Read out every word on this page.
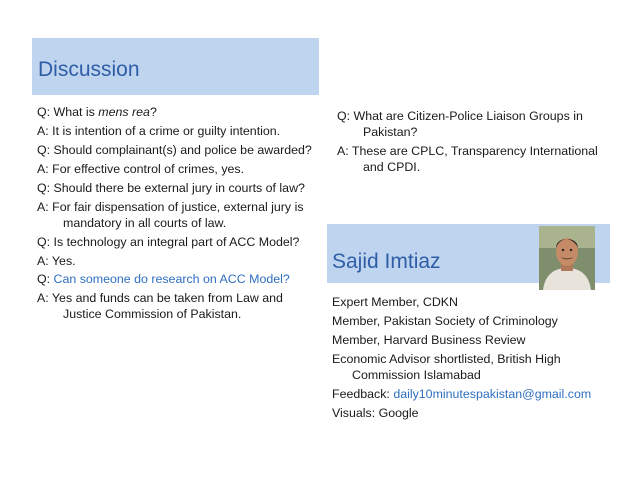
Discussion

Q: What is mens rea?

A: It is intention of a crime or guilty intention.

Q: Should complainant(s) and police be awarded?

A: For effective control of crimes, yes.

Q: Should there be external jury in courts of law?

A: For fair dispensation of justice, external jury is mandatory in all courts of law.

Q: Is technology an integral part of ACC Model?

A: Yes.

Q: Can someone do research on ACC Model?

A: Yes and funds can be taken from Law and Justice Commission of Pakistan.

Q: What are Citizen-Police Liaison Groups in Pakistan?

A: These are CPLC, Transparency International and CPDI.

Sajid Imtiaz

Expert Member, CDKN

Member, Pakistan Society of Criminology

Member, Harvard Business Review

Economic Advisor shortlisted, British High Commission Islamabad

Feedback: daily10minutespakistan@gmail.com

Visuals: Google
